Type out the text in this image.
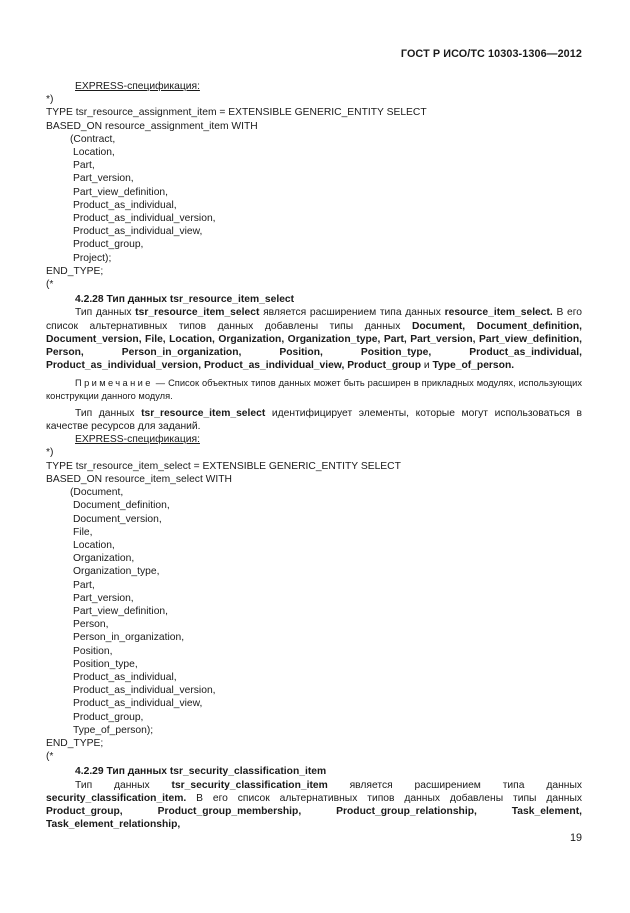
ГОСТ Р ИСО/ТС 10303-1306—2012
EXPRESS-спецификация:
*)
TYPE tsr_resource_assignment_item = EXTENSIBLE GENERIC_ENTITY SELECT
BASED_ON resource_assignment_item WITH
(Contract,
Location,
Part,
Part_version,
Part_view_definition,
Product_as_individual,
Product_as_individual_version,
Product_as_individual_view,
Product_group,
Project);
END_TYPE;
(*
4.2.28 Тип данных tsr_resource_item_select

Тип данных tsr_resource_item_select является расширением типа данных resource_item_select. В его список альтернативных типов данных добавлены типы данных Document, Document_definition, Document_version, File, Location, Organization, Organization_type, Part, Part_version, Part_view_definition, Person, Person_in_organization, Position, Position_type, Product_as_individual, Product_as_individual_version, Product_as_individual_view, Product_group и Type_of_person.

Примечание — Список объектных типов данных может быть расширен в прикладных модулях, использующих конструкции данного модуля.

Тип данных tsr_resource_item_select идентифицирует элементы, которые могут использоваться в качестве ресурсов для заданий.

EXPRESS-спецификация:
*)
TYPE tsr_resource_item_select = EXTENSIBLE GENERIC_ENTITY SELECT
BASED_ON resource_item_select WITH
(Document,
Document_definition,
Document_version,
File,
Location,
Organization,
Organization_type,
Part,
Part_version,
Part_view_definition,
Person,
Person_in_organization,
Position,
Position_type,
Product_as_individual,
Product_as_individual_version,
Product_as_individual_view,
Product_group,
Type_of_person);
END_TYPE;
(*
4.2.29 Тип данных tsr_security_classification_item

Тип данных tsr_security_classification_item является расширением типа данных security_classification_item. В его список альтернативных типов данных добавлены типы данных Product_group, Product_group_membership, Product_group_relationship, Task_element, Task_element_relationship,

19
